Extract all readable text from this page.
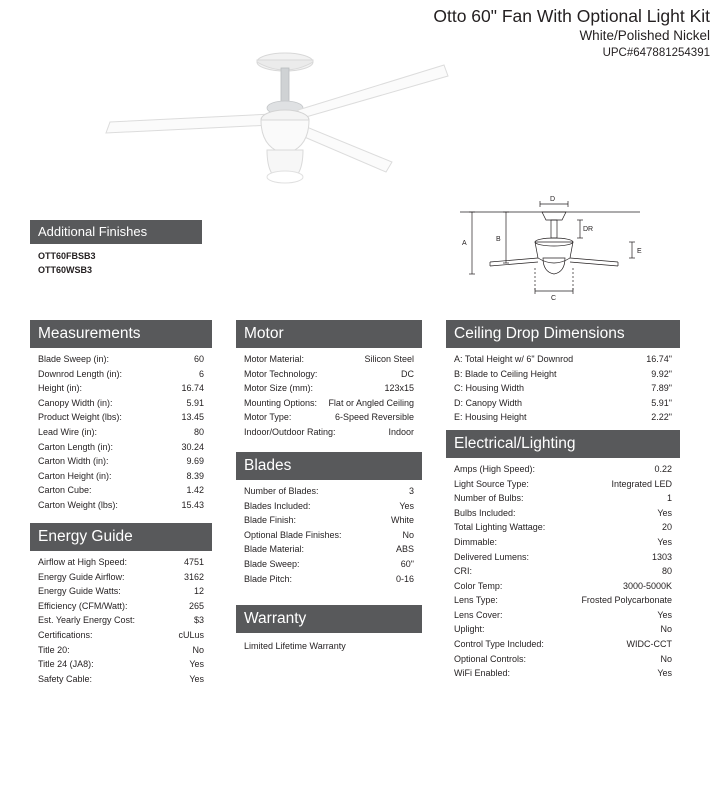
Otto 60" Fan With Optional Light Kit
White/Polished Nickel
UPC#647881254391
D
DR
A
B
C
E
Additional Finishes
OTT60FBSB3
OTT60WSB3
Measurements
Blade Sweep (in):	60
Downrod Length (in):	6
Height (in):	16.74
Canopy Width (in):	5.91
Product Weight (lbs):	13.45
Lead Wire (in):	80
Carton Length (in):	30.24
Carton Width (in):	9.69
Carton Height (in):	8.39
Carton Cube:	1.42
Carton Weight (lbs):	15.43
Energy Guide
Airflow at High Speed:	4751
Energy Guide Airflow:	3162
Energy Guide Watts:	12
Efficiency (CFM/Watt):	265
Est. Yearly Energy Cost:	$3
Certifications:	cULus
Title 20:	No
Title 24 (JA8):	Yes
Safety Cable:	Yes
Motor
Motor Material:	Silicon Steel
Motor Technology:	DC
Motor Size (mm):	123x15
Mounting Options: Flat or Angled Ceiling
Motor Type:	6-Speed Reversible
Indoor/Outdoor Rating:	Indoor
Blades
Number of Blades:	3
Blades Included:	Yes
Blade Finish:	White
Optional Blade Finishes:	No
Blade Material:	ABS
Blade Sweep:	60"
Blade Pitch:	0-16
Warranty
Limited Lifetime Warranty
Ceiling Drop Dimensions
A: Total Height w/ 6" Downrod	16.74"
B: Blade to Ceiling Height	9.92"
C: Housing Width	7.89"
D: Canopy Width	5.91"
E: Housing Height	2.22"
Electrical/Lighting
Amps (High Speed):	0.22
Light Source Type:	Integrated LED
Number of Bulbs:	1
Bulbs Included:	Yes
Total Lighting Wattage:	20
Dimmable:	Yes
Delivered Lumens:	1303
CRI:	80
Color Temp:	3000-5000K
Lens Type:	Frosted Polycarbonate
Lens Cover:	Yes
Uplight:	No
Control Type Included:	WIDC-CCT
Optional Controls:	No
WiFi Enabled:	Yes
